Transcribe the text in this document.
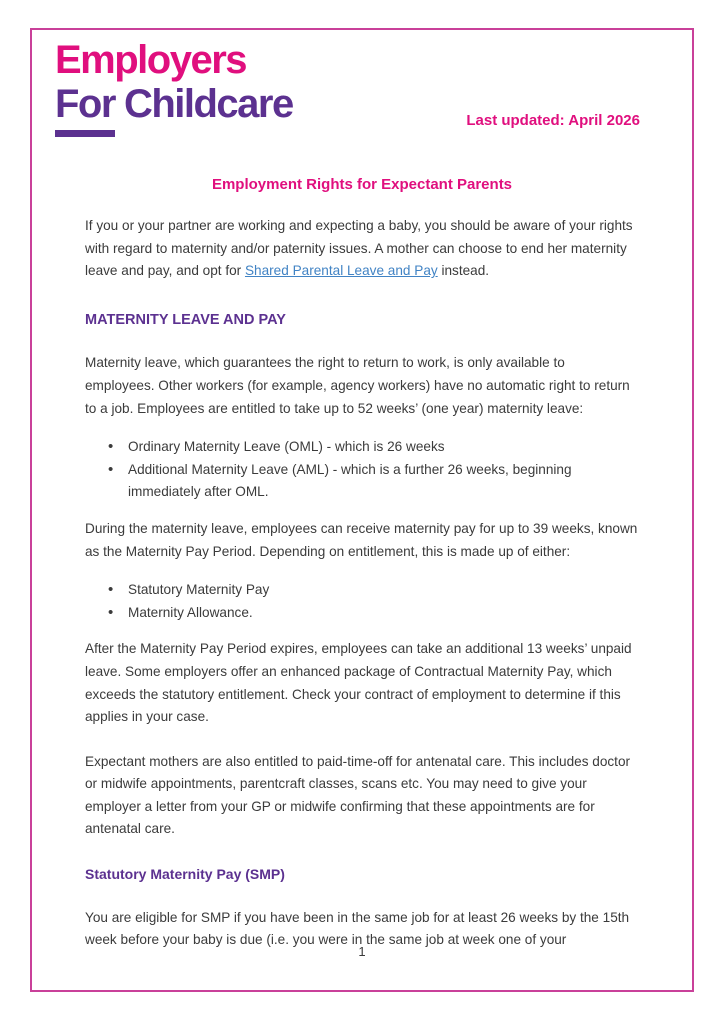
Employers
For Childcare	Last updated: April 2026
Employment Rights for Expectant Parents

If you or your partner are working and expecting a baby, you should be aware of your rights with regard to maternity and/or paternity issues. A mother can choose to end her maternity leave and pay, and opt for Shared Parental Leave and Pay instead.

MATERNITY LEAVE AND PAY

Maternity leave, which guarantees the right to return to work, is only available to employees. Other workers (for example, agency workers) have no automatic right to return to a job. Employees are entitled to take up to 52 weeks’ (one year) maternity leave:

• Ordinary Maternity Leave (OML) - which is 26 weeks
• Additional Maternity Leave (AML) - which is a further 26 weeks, beginning immediately after OML.

During the maternity leave, employees can receive maternity pay for up to 39 weeks, known as the Maternity Pay Period. Depending on entitlement, this is made up of either:

• Statutory Maternity Pay
• Maternity Allowance.

After the Maternity Pay Period expires, employees can take an additional 13 weeks’ unpaid leave. Some employers offer an enhanced package of Contractual Maternity Pay, which exceeds the statutory entitlement. Check your contract of employment to determine if this applies in your case.

Expectant mothers are also entitled to paid-time-off for antenatal care. This includes doctor or midwife appointments, parentcraft classes, scans etc. You may need to give your employer a letter from your GP or midwife confirming that these appointments are for antenatal care.

Statutory Maternity Pay (SMP)

You are eligible for SMP if you have been in the same job for at least 26 weeks by the 15th week before your baby is due (i.e. you were in the same job at week one of your

1
